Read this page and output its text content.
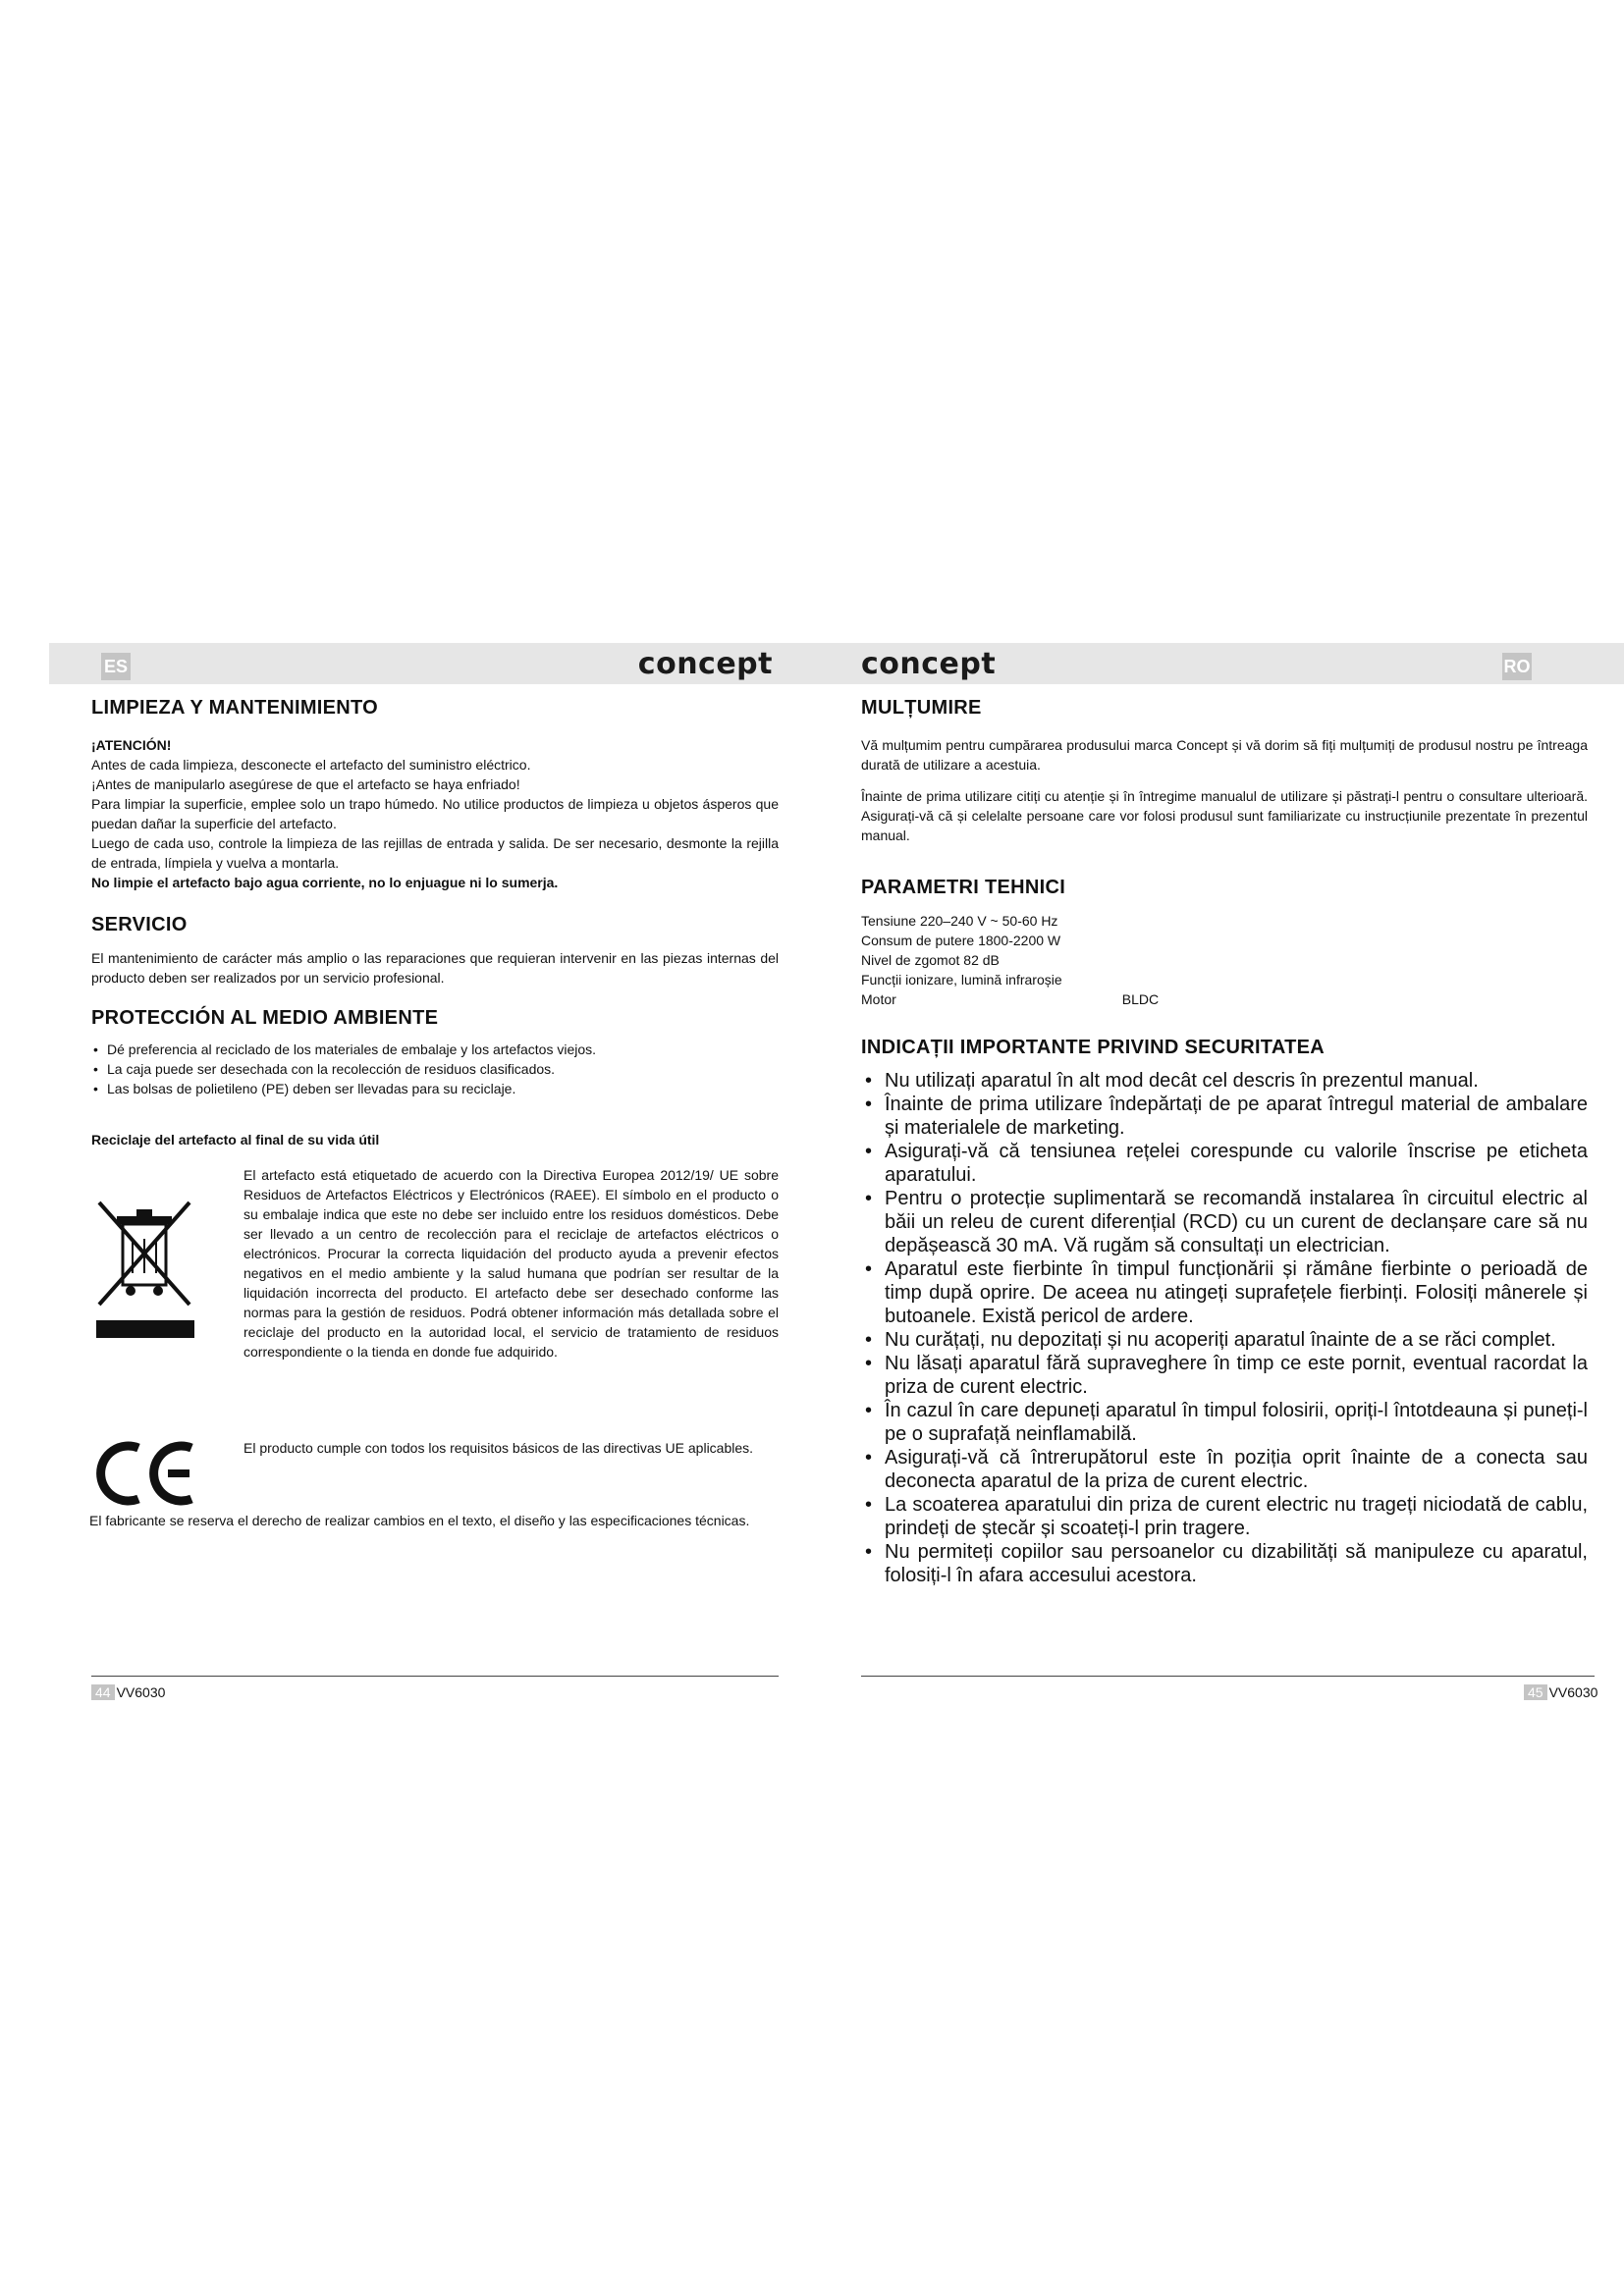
ES	concept
LIMPIEZA Y MANTENIMIENTO

¡ATENCIÓN!

Antes de cada limpieza, desconecte el artefacto del suministro eléctrico.

¡Antes de manipularlo asegúrese de que el artefacto se haya enfriado!

Para limpiar la superficie, emplee solo un trapo húmedo. No utilice productos de limpieza u objetos ásperos que puedan dañar la superficie del artefacto.

Luego de cada uso, controle la limpieza de las rejillas de entrada y salida. De ser necesario, desmonte la rejilla de entrada, límpiela y vuelva a montarla.

No limpie el artefacto bajo agua corriente, no lo enjuague ni lo sumerja.

SERVICIO

El mantenimiento de carácter más amplio o las reparaciones que requieran intervenir en las piezas internas del producto deben ser realizados por un servicio profesional.

PROTECCIÓN AL MEDIO AMBIENTE
• Dé preferencia al reciclado de los materiales de embalaje y los artefactos viejos.
• La caja puede ser desechada con la recolección de residuos clasificados.
• Las bolsas de polietileno (PE) deben ser llevadas para su reciclaje.

Reciclaje del artefacto al final de su vida útil

El artefacto está etiquetado de acuerdo con la Directiva Europea 2012/19/ UE sobre Residuos de Artefactos Eléctricos y Electrónicos (RAEE). El símbolo en el producto o su embalaje indica que este no debe ser incluido entre los residuos domésticos. Debe ser llevado a un centro de recolección para el reciclaje de artefactos eléctricos o electrónicos. Procurar la correcta liquidación del producto ayuda a prevenir efectos negativos en el medio ambiente y la salud humana que podrían ser resultar de la liquidación incorrecta del producto. El artefacto debe ser desechado conforme las normas para la gestión de residuos. Podrá obtener información más detallada sobre el reciclaje del producto en la autoridad local, el servicio de tratamiento de residuos correspondiente o la tienda en donde fue adquirido.

El producto cumple con todos los requisitos básicos de las directivas UE aplicables.

El fabricante se reserva el derecho de realizar cambios en el texto, el diseño y las especificaciones técnicas.

44 VV6030
concept	RO
MULȚUMIRE

Vă mulțumim pentru cumpărarea produsului marca Concept și vă dorim să fiți mulțumiți de produsul nostru pe întreaga durată de utilizare a acestuia.

Înainte de prima utilizare citiți cu atenție și în întregime manualul de utilizare și păstrați-l pentru o consultare ulterioară. Asigurați-vă că și celelalte persoane care vor folosi produsul sunt familiarizate cu instrucțiunile prezentate în prezentul manual.

PARAMETRI TEHNICI
Tensiune 220–240 V ~ 50-60 Hz
Consum de putere 1800-2200 W
Nivel de zgomot 82 dB
Funcții ionizare, lumină infraroșie
Motor	BLDC
INDICAȚII IMPORTANTE PRIVIND SECURITATEA
• Nu utilizați aparatul în alt mod decât cel descris în prezentul manual.
• Înainte de prima utilizare îndepărtați de pe aparat întregul material de ambalare și materialele de marketing.
• Asigurați-vă că tensiunea rețelei corespunde cu valorile înscrise pe eticheta aparatului.
• Pentru o protecție suplimentară se recomandă instalarea în circuitul electric al băii un releu de curent diferențial (RCD) cu un curent de declanșare care să nu depășească 30 mA. Vă rugăm să consultați un electrician.
• Aparatul este fierbinte în timpul funcționării și rămâne fierbinte o perioadă de timp după oprire. De aceea nu atingeți suprafețele fierbinți. Folosiți mânerele și butoanele. Există pericol de ardere.
• Nu curățați, nu depozitați și nu acoperiți aparatul înainte de a se răci complet.
• Nu lăsați aparatul fără supraveghere în timp ce este pornit, eventual racordat la priza de curent electric.
• În cazul în care depuneți aparatul în timpul folosirii, opriți-l întotdeauna și puneți-l pe o suprafață neinflamabilă.
• Asigurați-vă că întrerupătorul este în poziția oprit înainte de a conecta sau deconecta aparatul de la priza de curent electric.
• La scoaterea aparatului din priza de curent electric nu trageți niciodată de cablu, prindeți de ștecăr și scoateți-l prin tragere.
• Nu permiteți copiilor sau persoanelor cu dizabilități să manipuleze cu aparatul, folosiți-l în afara accesului acestora.
45 VV6030
